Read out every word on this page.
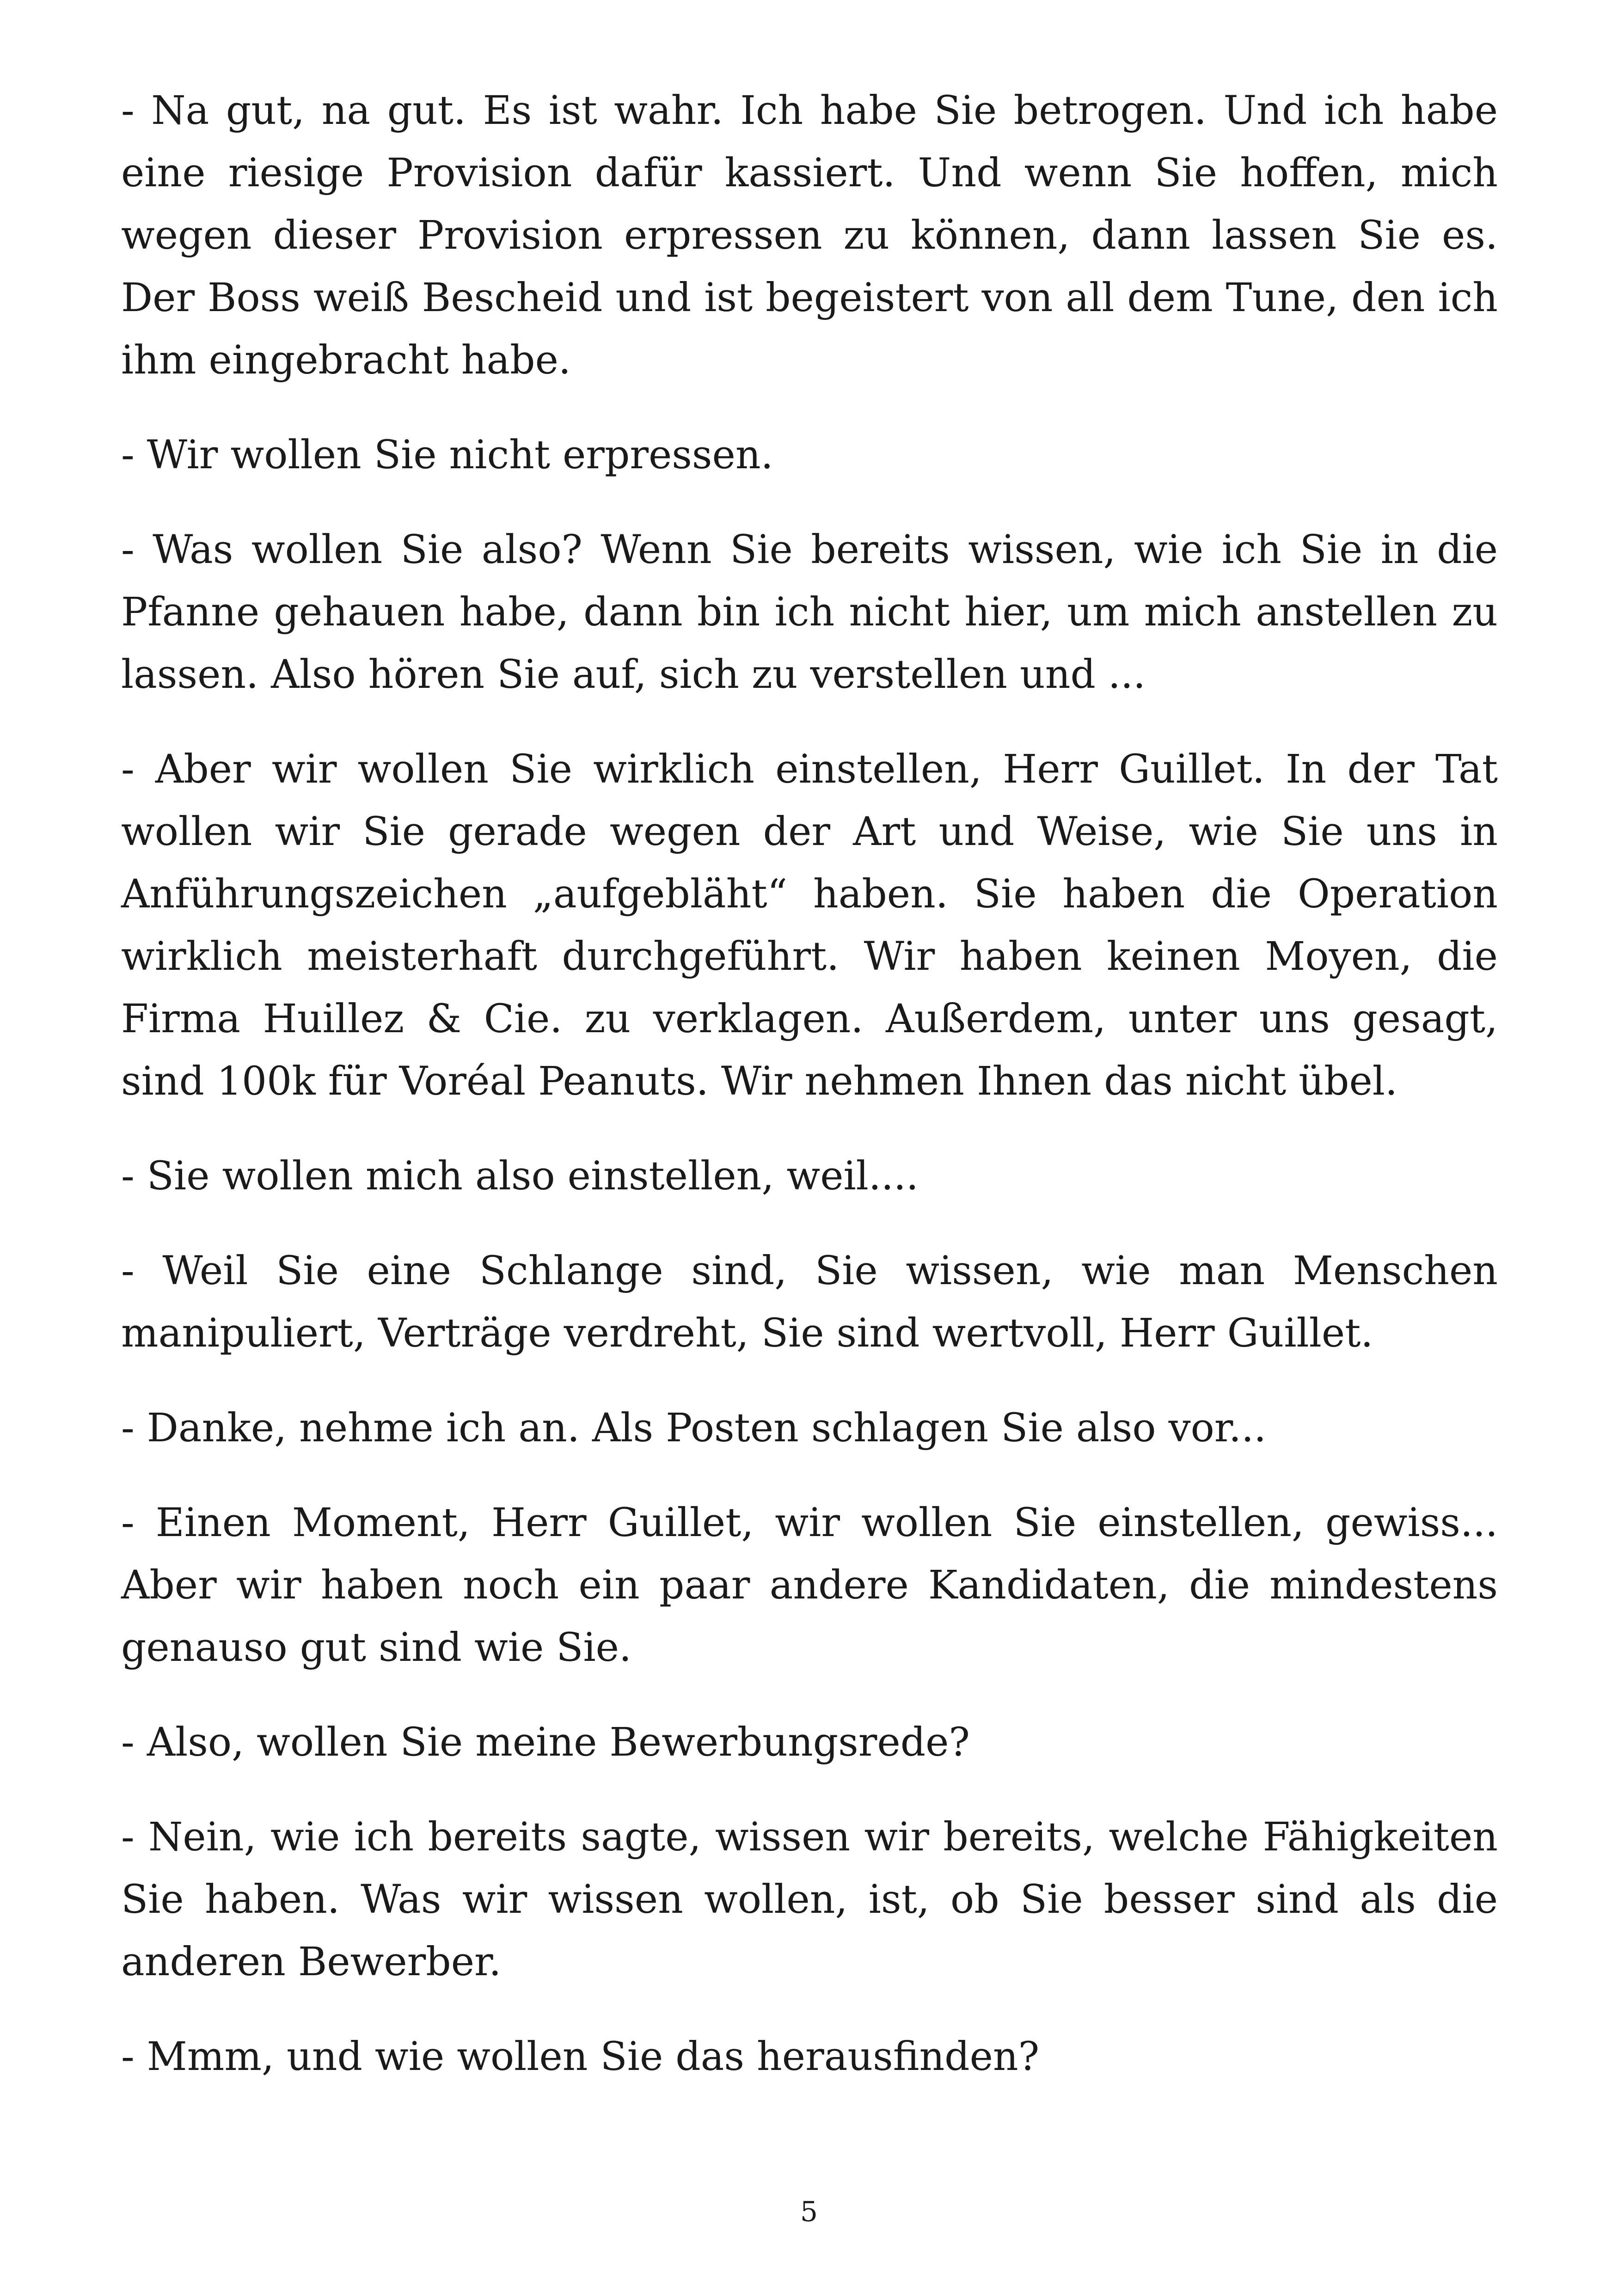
- Na gut, na gut. Es ist wahr. Ich habe Sie betrogen. Und ich habe eine riesige Provision dafür kassiert. Und wenn Sie hoffen, mich wegen dieser Provision erpressen zu können, dann lassen Sie es. Der Boss weiß Bescheid und ist begeistert von all dem Tune, den ich ihm eingebracht habe.

- Wir wollen Sie nicht erpressen.

- Was wollen Sie also? Wenn Sie bereits wissen, wie ich Sie in die Pfanne gehauen habe, dann bin ich nicht hier, um mich anstellen zu lassen. Also hören Sie auf, sich zu verstellen und ...

- Aber wir wollen Sie wirklich einstellen, Herr Guillet. In der Tat wollen wir Sie gerade wegen der Art und Weise, wie Sie uns in Anführungszeichen „aufgebläht“ haben. Sie haben die Operation wirklich meisterhaft durchgeführt. Wir haben keinen Moyen, die Firma Huillez & Cie. zu verklagen. Außerdem, unter uns gesagt, sind 100k für Voréal Peanuts. Wir nehmen Ihnen das nicht übel.

- Sie wollen mich also einstellen, weil....

- Weil Sie eine Schlange sind, Sie wissen, wie man Menschen manipuliert, Verträge verdreht, Sie sind wertvoll, Herr Guillet.

- Danke, nehme ich an. Als Posten schlagen Sie also vor...

- Einen Moment, Herr Guillet, wir wollen Sie einstellen, gewiss... Aber wir haben noch ein paar andere Kandidaten, die mindestens genauso gut sind wie Sie.

- Also, wollen Sie meine Bewerbungsrede?

- Nein, wie ich bereits sagte, wissen wir bereits, welche Fähigkeiten Sie haben. Was wir wissen wollen, ist, ob Sie besser sind als die anderen Bewerber.

- Mmm, und wie wollen Sie das herausfinden?

5
